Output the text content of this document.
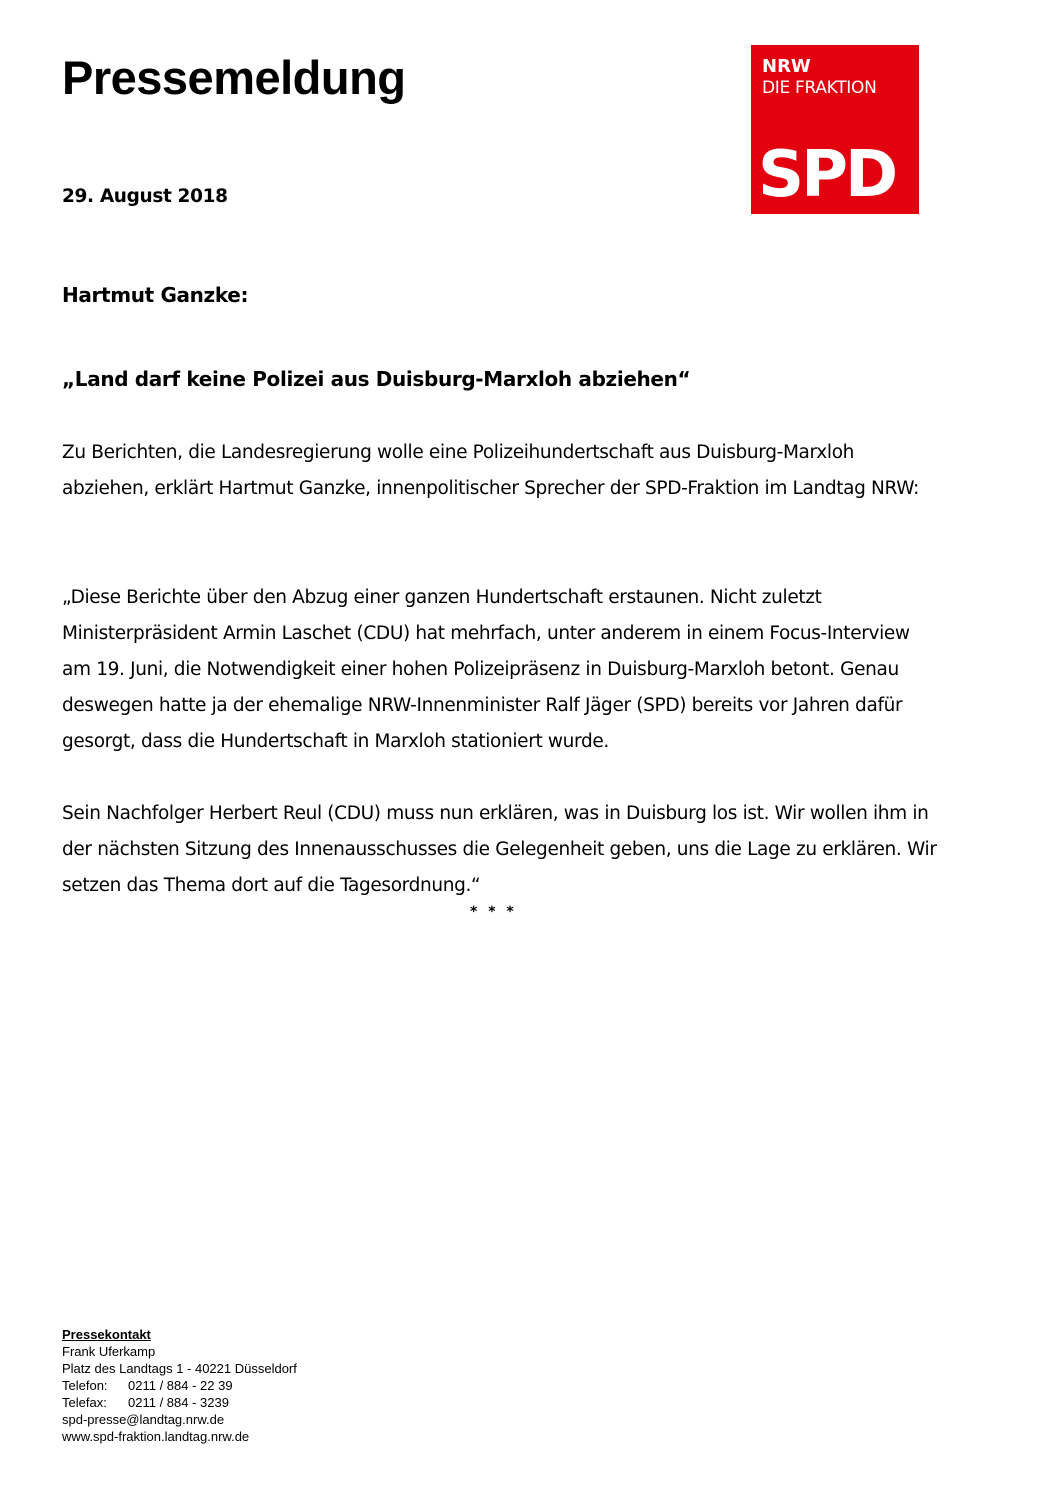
Pressemeldung	NRW
DIE FRAKTION
SPD

29. August 2018

Hartmut Ganzke:

„Land darf keine Polizei aus Duisburg-Marxloh abziehen“

Zu Berichten, die Landesregierung wolle eine Polizeihundertschaft aus Duisburg-Marxloh abziehen, erklärt Hartmut Ganzke, innenpolitischer Sprecher der SPD-Fraktion im Landtag NRW:

„Diese Berichte über den Abzug einer ganzen Hundertschaft erstaunen. Nicht zuletzt Ministerpräsident Armin Laschet (CDU) hat mehrfach, unter anderem in einem Focus-Interview am 19. Juni, die Notwendigkeit einer hohen Polizeipräsenz in Duisburg-Marxloh betont. Genau deswegen hatte ja der ehemalige NRW-Innenminister Ralf Jäger (SPD) bereits vor Jahren dafür gesorgt, dass die Hundertschaft in Marxloh stationiert wurde.

Sein Nachfolger Herbert Reul (CDU) muss nun erklären, was in Duisburg los ist. Wir wollen ihm in der nächsten Sitzung des Innenausschusses die Gelegenheit geben, uns die Lage zu erklären. Wir setzen das Thema dort auf die Tagesordnung.“

* * *

Pressekontakt
Frank Uferkamp
Platz des Landtags 1 - 40221 Düsseldorf
Telefon: 0211 / 884 - 22 39
Telefax: 0211 / 884 - 3239
spd-presse@landtag.nrw.de
www.spd-fraktion.landtag.nrw.de
